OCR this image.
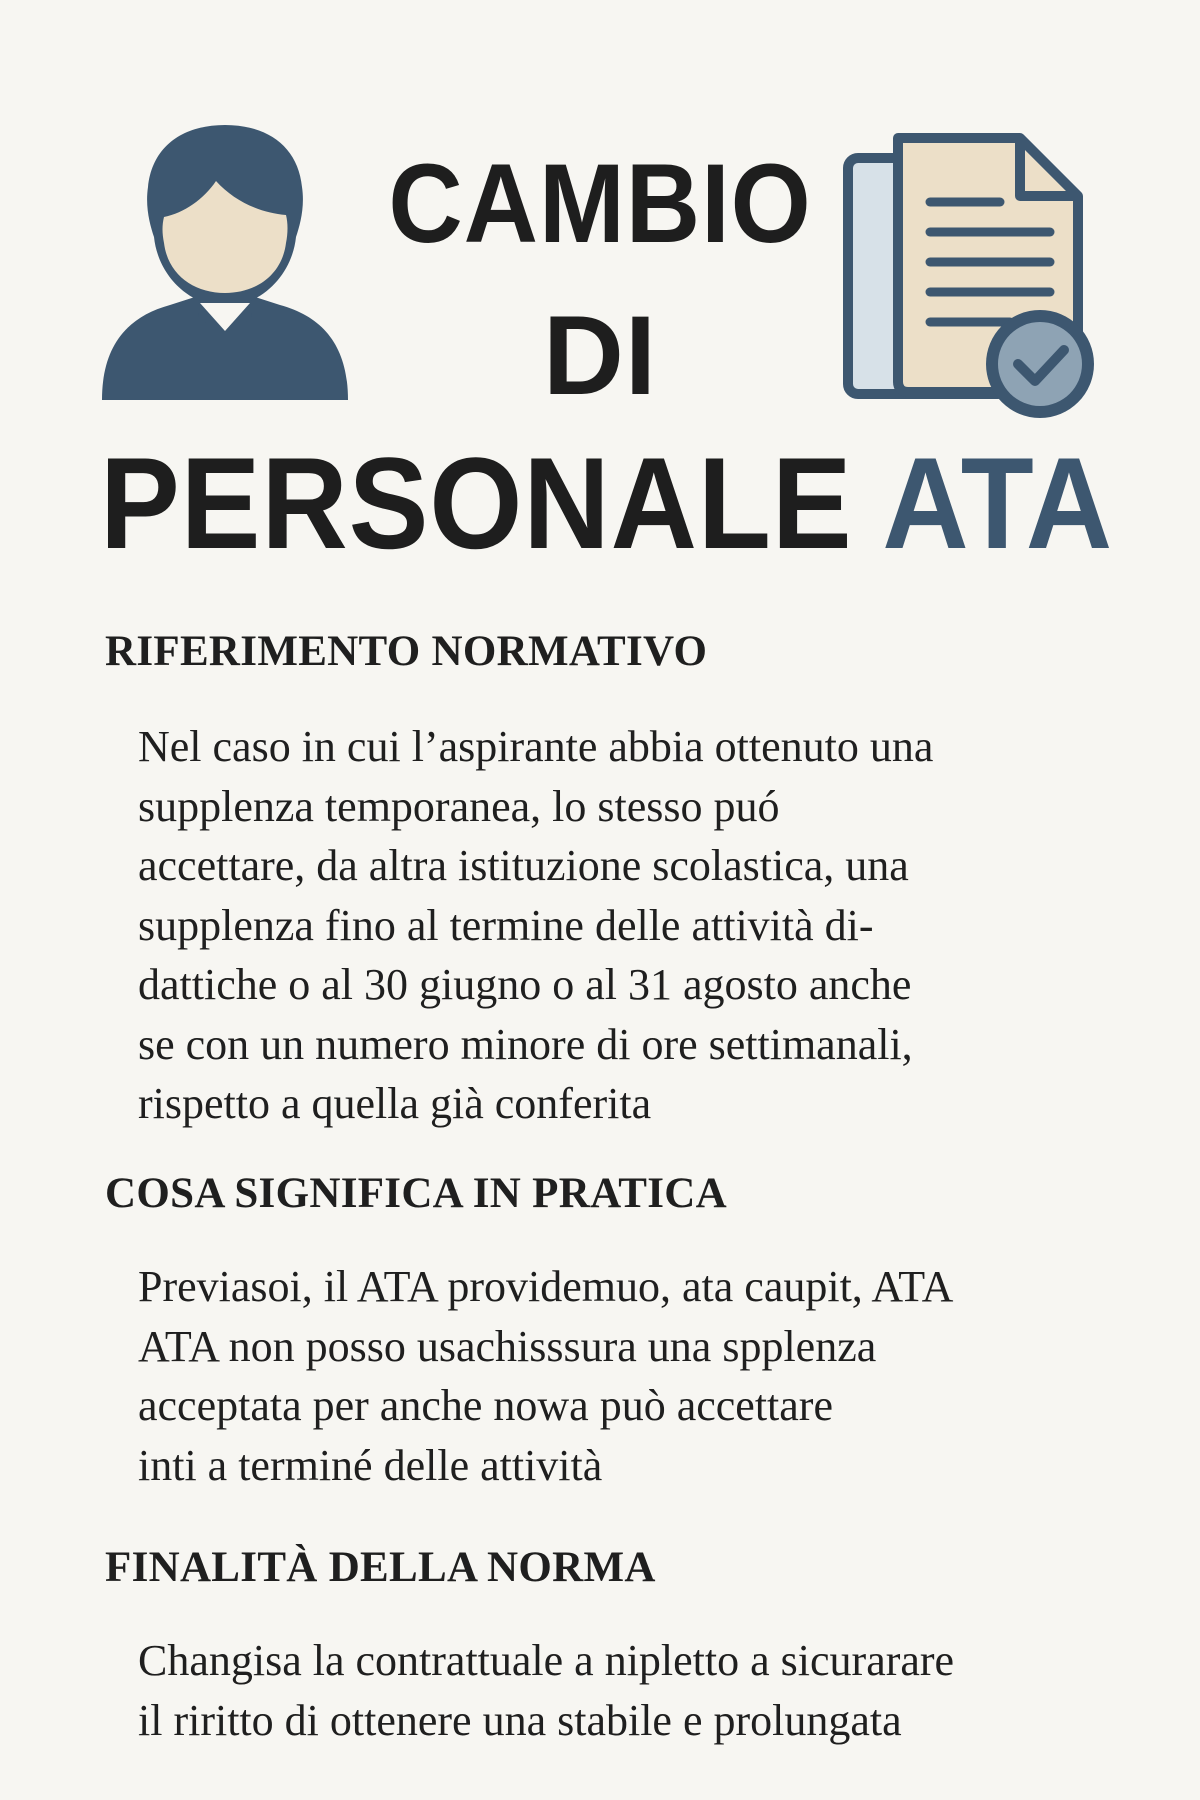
CAMBIO
DI
PERSONALE ATA
RIFERIMENTO NORMATIVO

Nel caso in cui l’aspirante abbia ottenuto una
supplenza temporanea, lo stesso puó
accettare, da altra istituzione scolastica, una
supplenza fino al termine delle attività di-
dattiche o al 30 giugno o al 31 agosto anche
se con un numero minore di ore settimanali,
rispetto a quella già conferita

COSA SIGNIFICA IN PRATICA

Previasoi, il ATA providemuo, ata caupit, ATA
ATA non posso usachisssura una spplenza
acceptata per anche nowa può accettare
inti a terminé delle attività

FINALITÀ DELLA NORMA

Changisa la contrattuale a nipletto a sicurarare
il riritto di ottenere una stabile e prolungata
